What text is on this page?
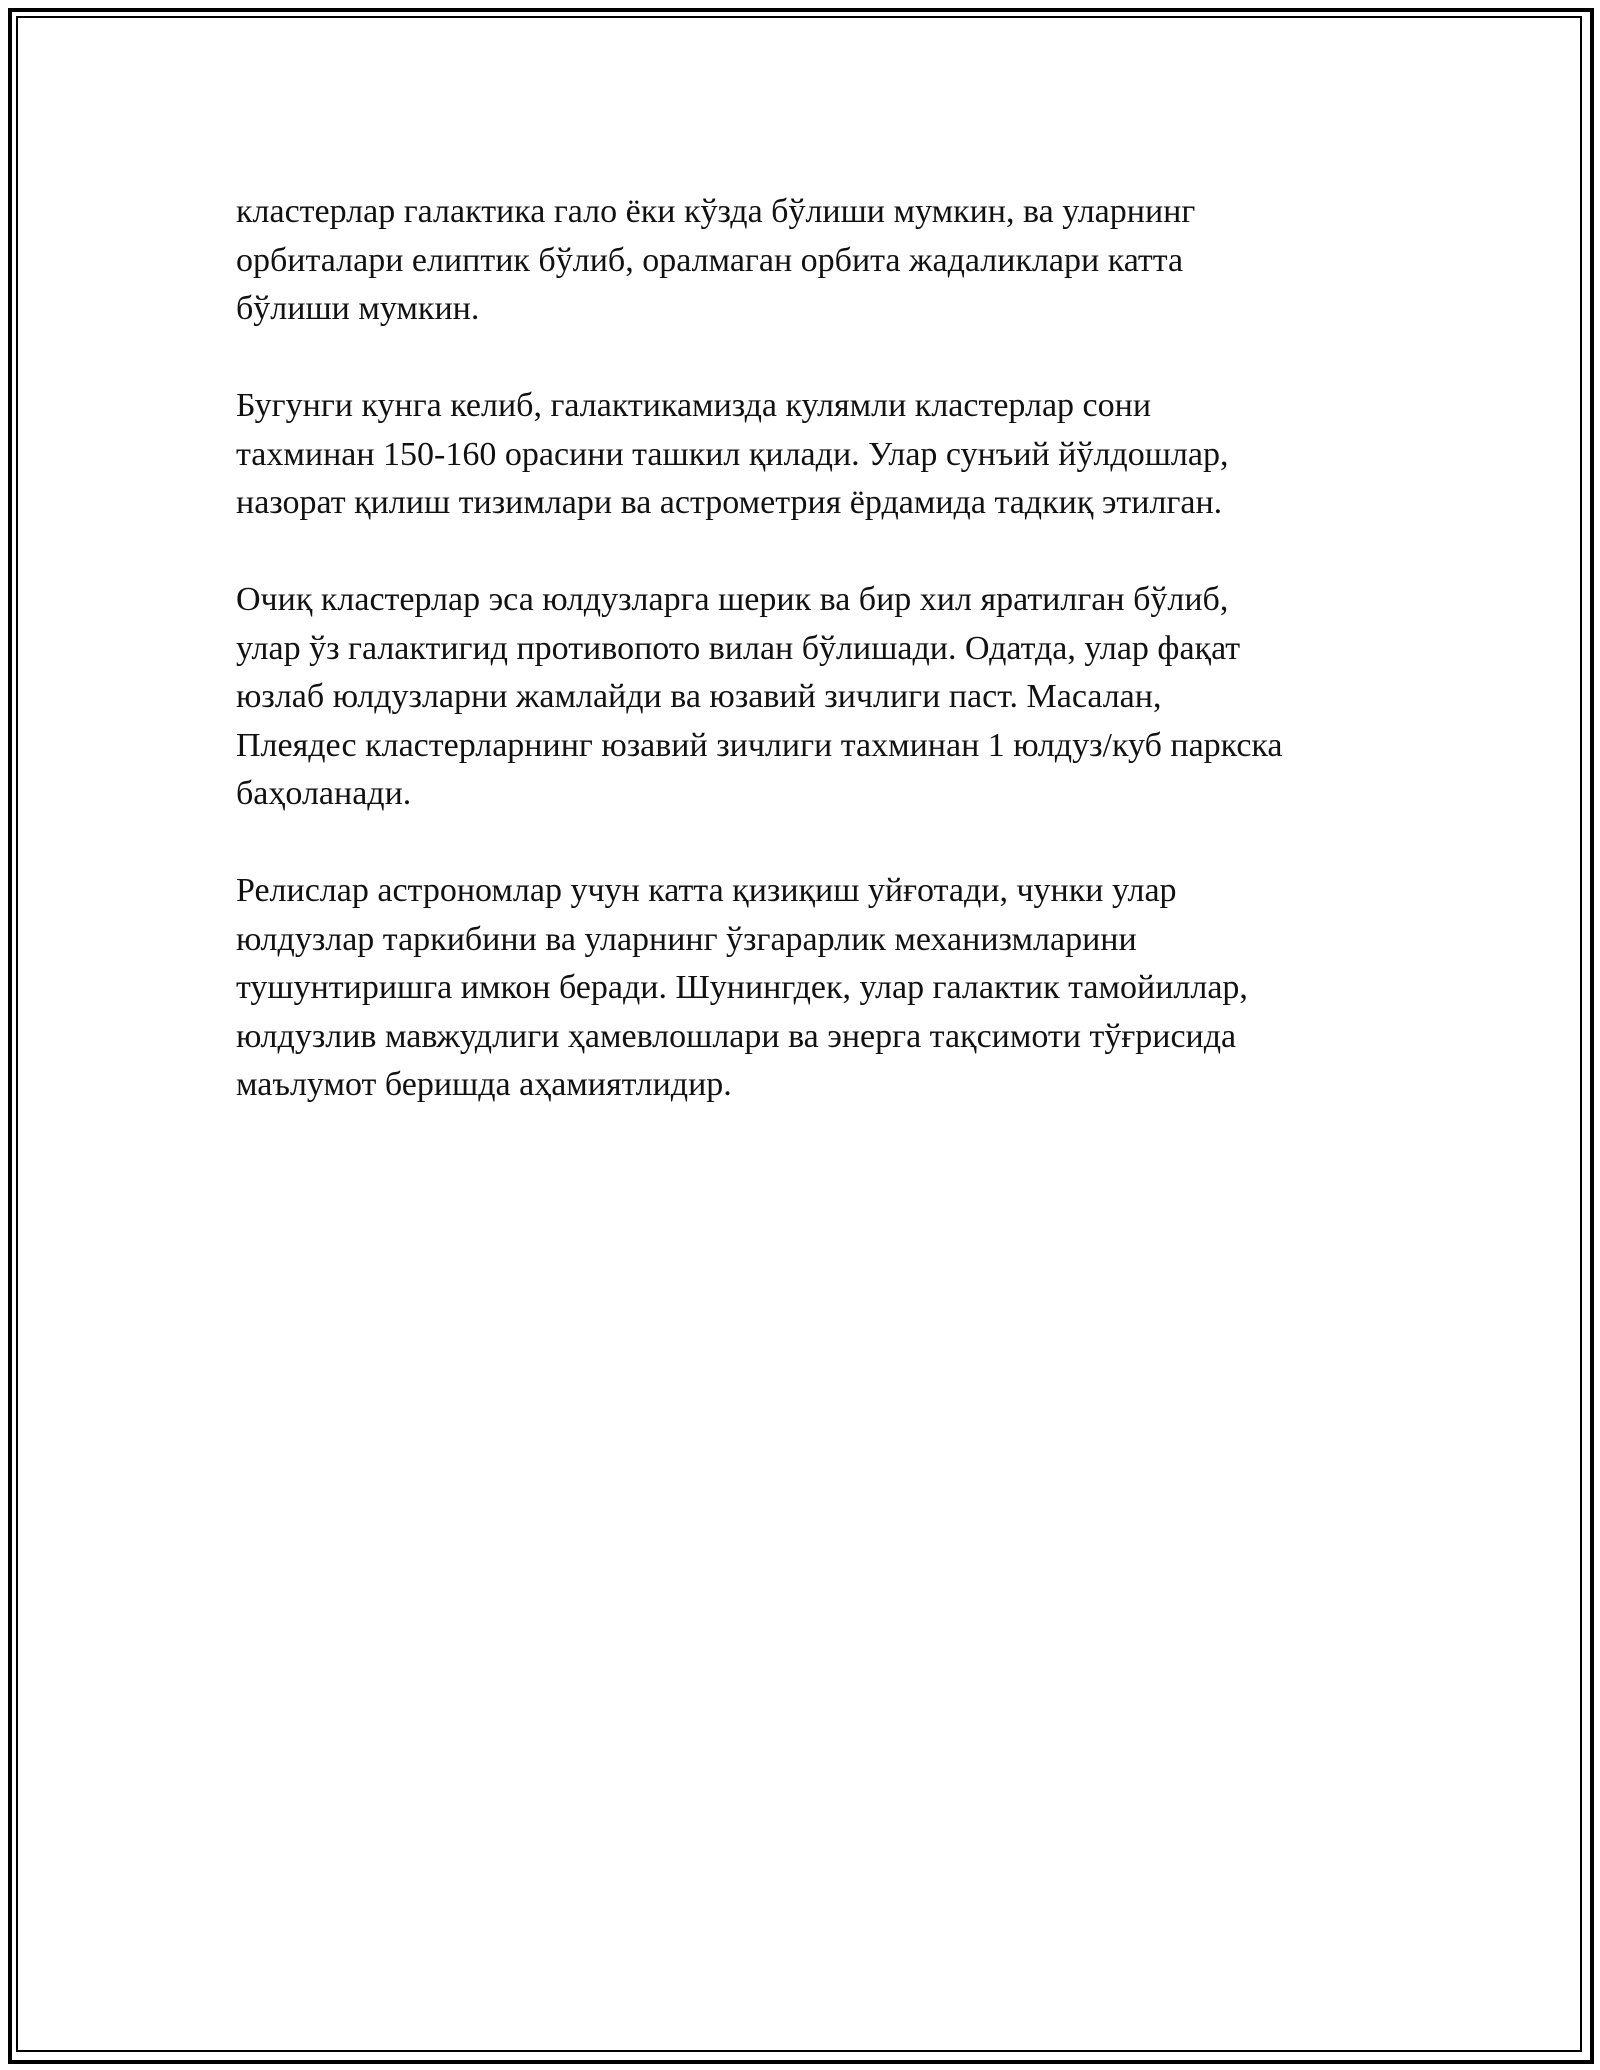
кластерлар галактика гало ёки кўзда бўлиши мумкин, ва уларнинг
орбиталари елиптик бўлиб, оралмаган орбита жадаликлари катта
бўлиши мумкин.

Бугунги кунга келиб, галактикамизда кулямли кластерлар сони
тахминан 150-160 орасини ташкил қилади. Улар сунъий йўлдошлар,
назорат қилиш тизимлари ва астрометрия ёрдамида тадкиқ этилган.

Очиқ кластерлар эса юлдузларга шерик ва бир хил яратилган бўлиб,
улар ўз галактигид противопото вилан бўлишади. Одатда, улар фақат
юзлаб юлдузларни жамлайди ва юзавий зичлиги паст. Масалан,
Плеядес кластерларнинг юзавий зичлиги тахминан 1 юлдуз/куб паркска
баҳоланади.

Релислар астрономлар учун катта қизиқиш уйғотади, чунки улар
юлдузлар таркибини ва уларнинг ўзгарарлик механизмларини
тушунтиришга имкон беради. Шунингдек, улар галактик тамойиллар,
юлдузлив мавжудлиги ҳамевлошлари ва энерга тақсимоти тўғрисида
маълумот беришда аҳамиятлидир.
